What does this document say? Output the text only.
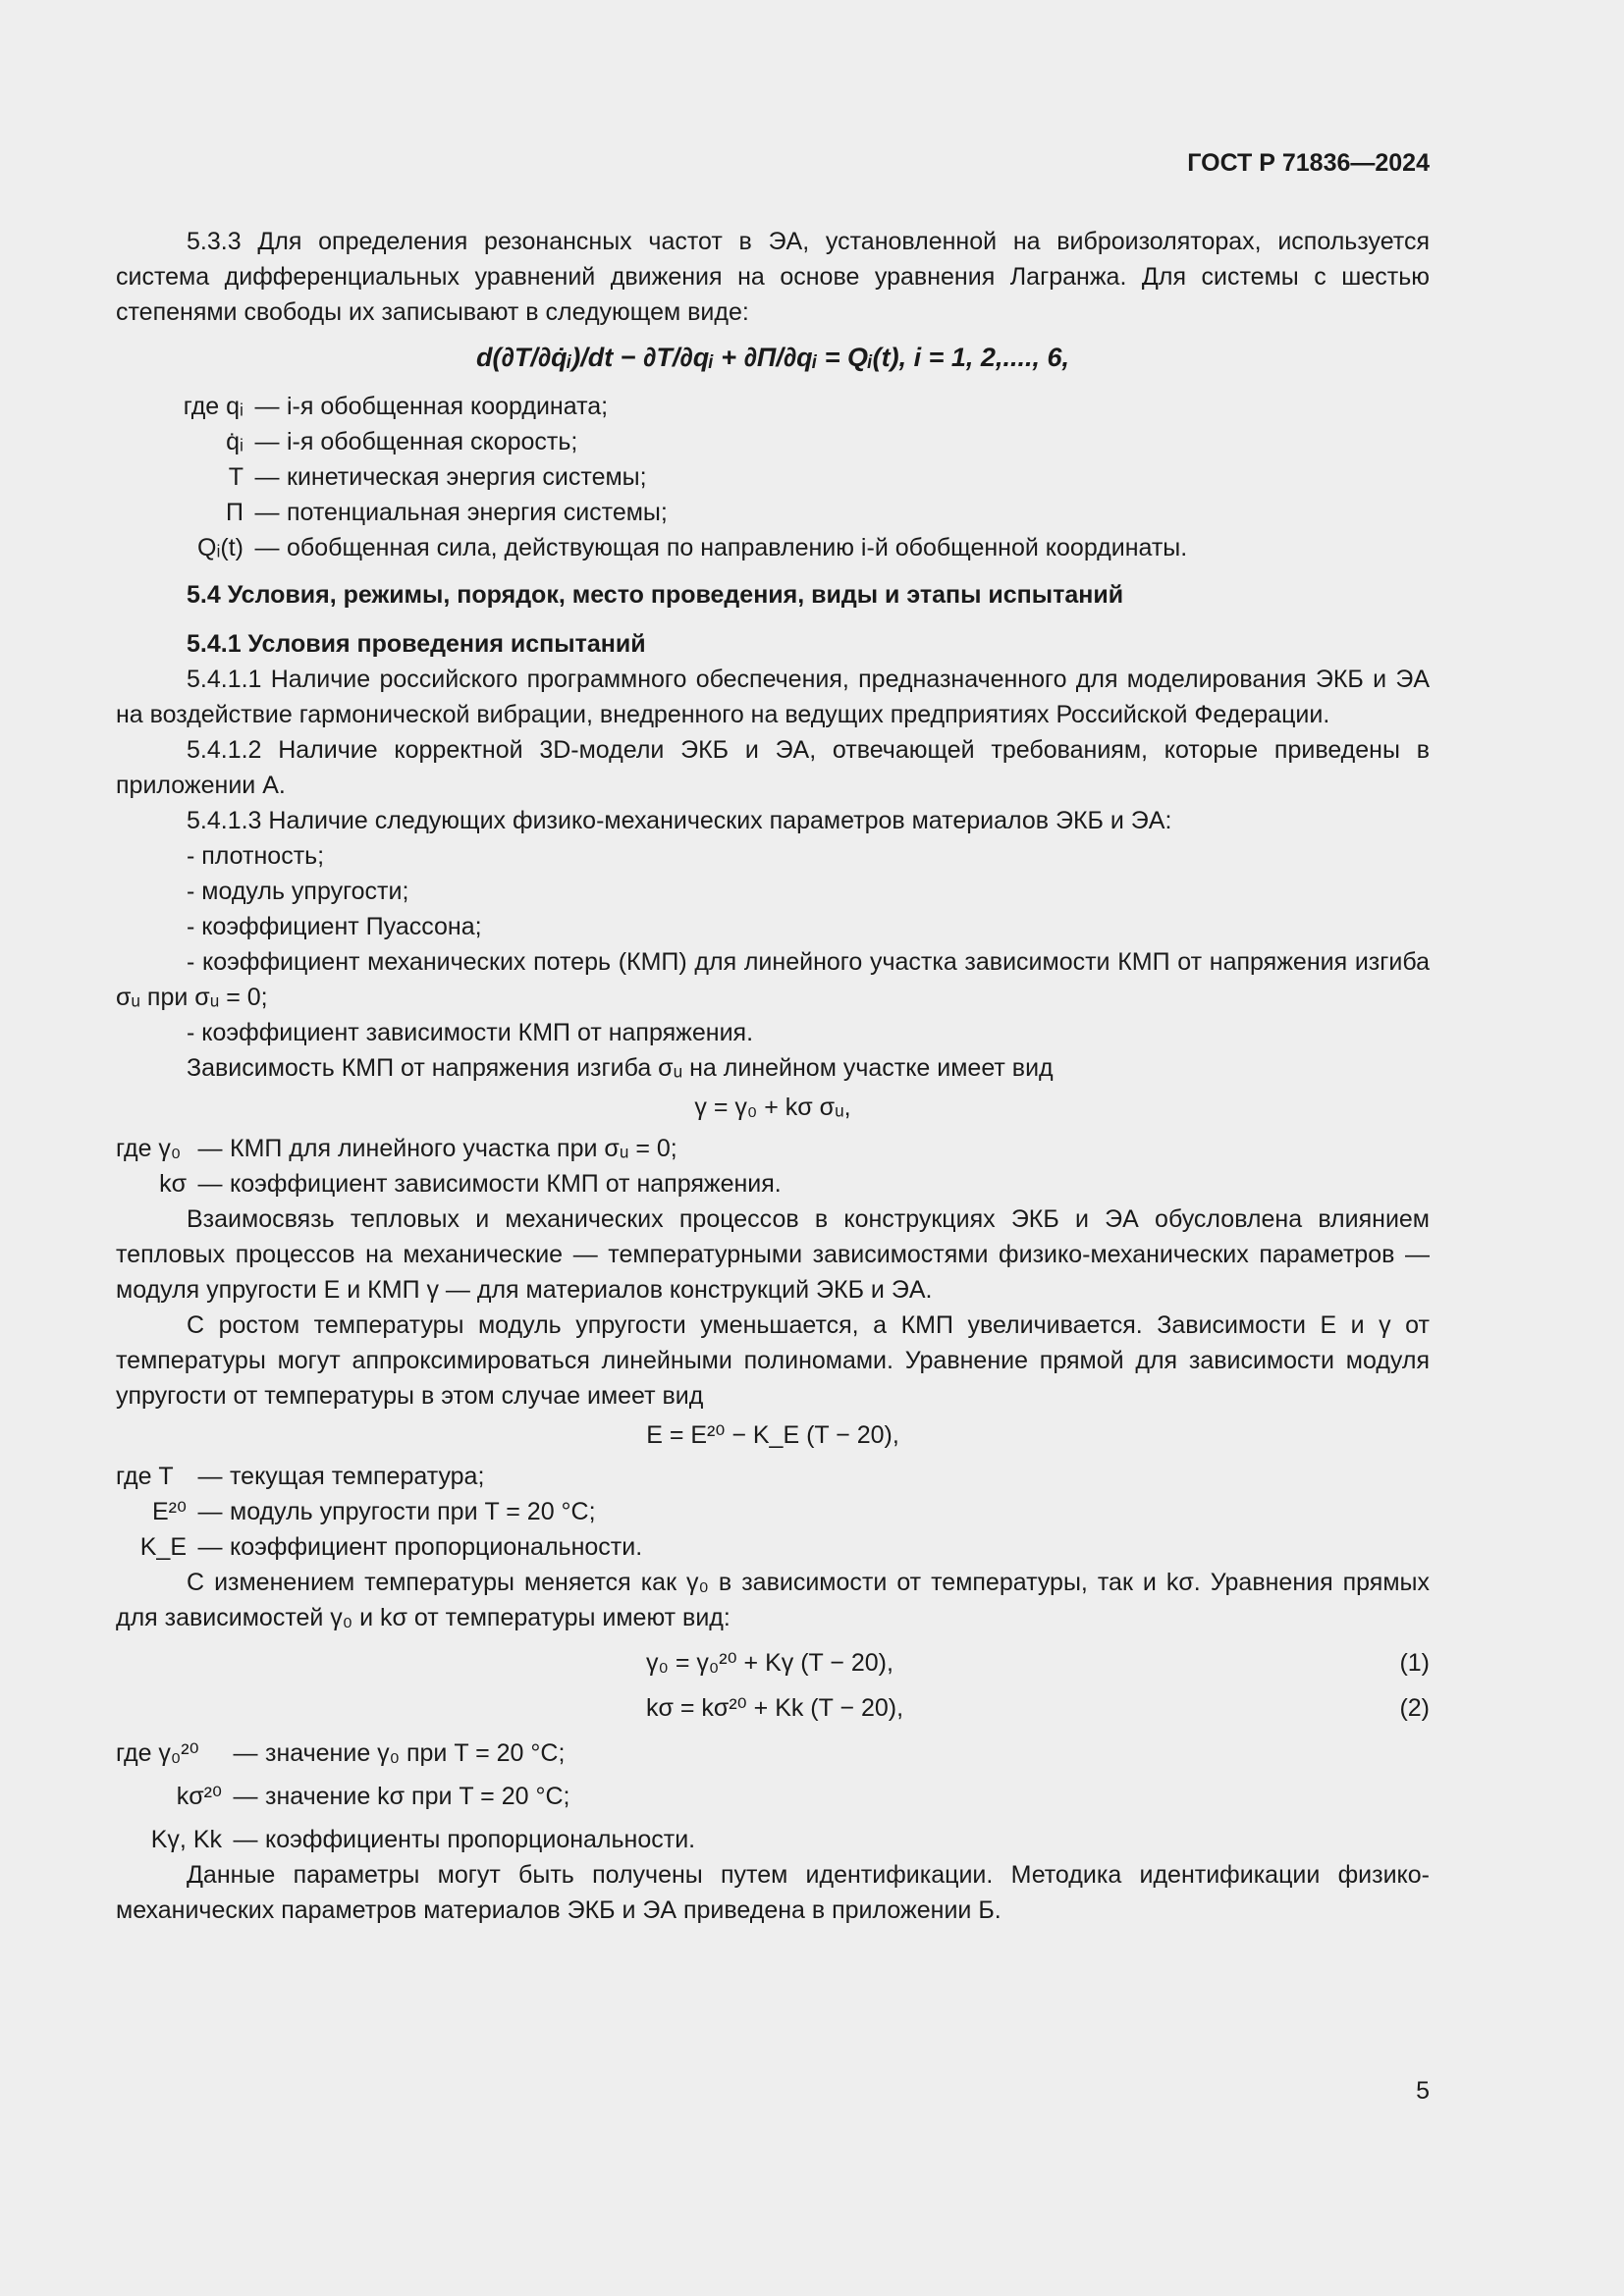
ГОСТ Р 71836—2024

5.3.3 Для определения резонансных частот в ЭА, установленной на виброизоляторах, используется система дифференциальных уравнений движения на основе уравнения Лагранжа. Для системы с шестью степенями свободы их записывают в следующем виде:

d(∂T/∂q̇ᵢ)/dt − ∂T/∂qᵢ + ∂П/∂qᵢ = Qᵢ(t), i = 1, 2,...., 6,
где qᵢ — i-я обобщенная координата;
q̇ᵢ — i-я обобщенная скорость;
T — кинетическая энергия системы;
П — потенциальная энергия системы;
Qᵢ(t) — обобщенная сила, действующая по направлению i-й обобщенной координаты.

5.4 Условия, режимы, порядок, место проведения, виды и этапы испытаний

5.4.1 Условия проведения испытаний

5.4.1.1 Наличие российского программного обеспечения, предназначенного для моделирования ЭКБ и ЭА на воздействие гармонической вибрации, внедренного на ведущих предприятиях Российской Федерации.

5.4.1.2 Наличие корректной 3D-модели ЭКБ и ЭА, отвечающей требованиям, которые приведены в приложении А.

5.4.1.3 Наличие следующих физико-механических параметров материалов ЭКБ и ЭА:

- плотность;

- модуль упругости;

- коэффициент Пуассона;

- коэффициент механических потерь (КМП) для линейного участка зависимости КМП от напряжения изгиба σᵤ при σᵤ = 0;

- коэффициент зависимости КМП от напряжения.

Зависимость КМП от напряжения изгиба σᵤ на линейном участке имеет вид

γ = γ₀ + kσ σᵤ,
где γ₀ — КМП для линейного участка при σᵤ = 0;
kσ — коэффициент зависимости КМП от напряжения.

Взаимосвязь тепловых и механических процессов в конструкциях ЭКБ и ЭА обусловлена влиянием тепловых процессов на механические — температурными зависимостями физико-механических параметров — модуля упругости E и КМП γ — для материалов конструкций ЭКБ и ЭА.

С ростом температуры модуль упругости уменьшается, а КМП увеличивается. Зависимости E и γ от температуры могут аппроксимироваться линейными полиномами. Уравнение прямой для зависимости модуля упругости от температуры в этом случае имеет вид

E = E²⁰ − K_E (T − 20),
где T — текущая температура;
E²⁰ — модуль упругости при T = 20 °C;
K_E — коэффициент пропорциональности.

С изменением температуры меняется как γ₀ в зависимости от температуры, так и kσ. Уравнения прямых для зависимостей γ₀ и kσ от температуры имеют вид:

γ₀ = γ₀²⁰ + Kγ (T − 20),	(1)
kσ = kσ²⁰ + Kk (T − 20),	(2)
где γ₀²⁰	— значение γ₀ при T = 20 °C;
kσ²⁰ — значение kσ при T = 20 °C;
Kγ, Kk — коэффициенты пропорциональности.

Данные параметры могут быть получены путем идентификации. Методика идентификации физико-механических параметров материалов ЭКБ и ЭА приведена в приложении Б.

5
